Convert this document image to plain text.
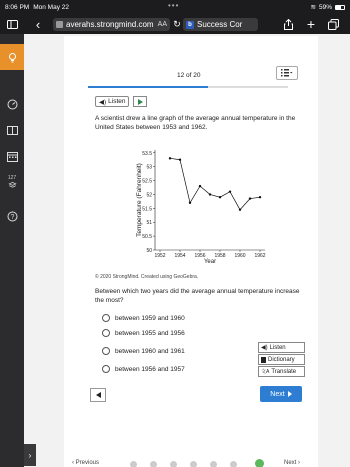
8:06 PM Mon May 22	•••	≋ 59%
‹	averahs.strongmind.com AA ↻	b Success Cor	+
127
?
12 of 20
◀) Listen

A scientist drew a line graph of the average annual temperature in the United States between 1953 and 1962.

50
50.5
51
51.5
52
52.5
53
53.5
1952 1954 1956 1958 1960 1962
Year
Temperature (Fahrenheit)
© 2020 StrongMind. Created using GeoGebra.

Between which two years did the average annual temperature increase the most?

between 1959 and 1960
between 1955 and 1956
between 1960 and 1961
between 1956 and 1957
◀) Listen
Dictionary
文A Translate
Next
‹ Previous	Next ›
›
